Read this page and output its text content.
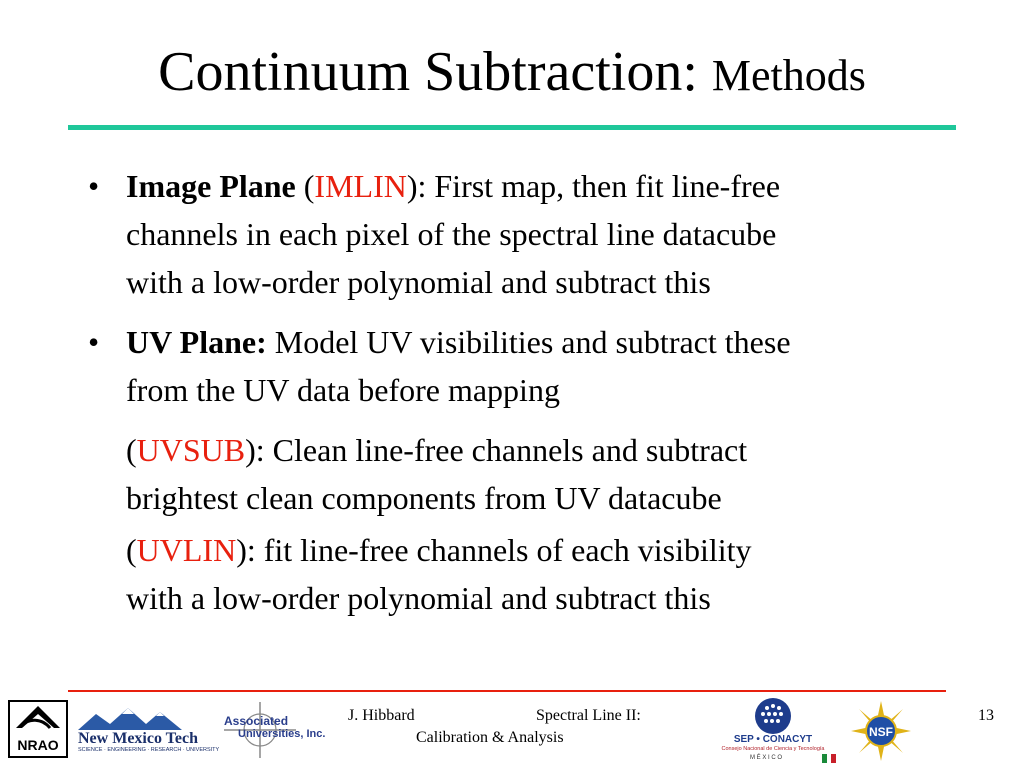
Continuum Subtraction: Methods
• Image Plane (IMLIN): First map, then fit line-free
channels in each pixel of the spectral line datacube
with a low-order polynomial and subtract this
• UV Plane: Model UV visibilities and subtract these
from the UV data before mapping
(UVSUB): Clean line-free channels and subtract
brightest clean components from UV datacube
(UVLIN): fit line-free channels of each visibility
with a low-order polynomial and subtract this
NRAO New Mexico Tech
SCIENCE · ENGINEERING · RESEARCH · UNIVERSITY
Associated
Universities, Inc.
J. Hibbard	Spectral Line II:
Calibration & Analysis	SEP • CONACYT
Consejo Nacional de Ciencia y Tecnología
M É X I C O
NSF
13
